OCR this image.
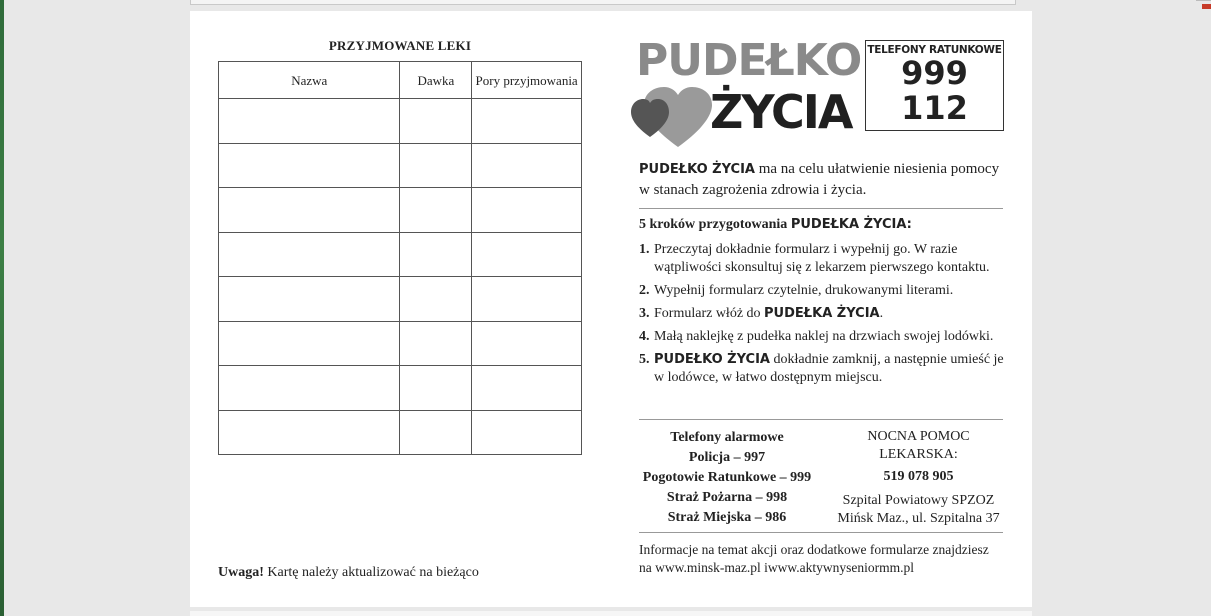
PRZYJMOWANE LEKI
Nazwa	Dawka	Pory przyjmowania

Uwaga! Kartę należy aktualizować na bieżąco
PUDEŁKO
ŻYCIA
TELEFONY RATUNKOWE
999
112
PUDEŁKO ŻYCIA ma na celu ułatwienie niesienia pomocy w stanach zagrożenia zdrowia i życia.
5 kroków przygotowania PUDEŁKA ŻYCIA:
1. Przeczytaj dokładnie formularz i wypełnij go. W razie wątpliwości skonsultuj się z lekarzem pierwszego kontaktu.
2. Wypełnij formularz czytelnie, drukowanymi literami.
3. Formularz włóż do PUDEŁKA ŻYCIA.
4. Małą naklejkę z pudełka naklej na drzwiach swojej lodówki.
5. PUDEŁKO ŻYCIA dokładnie zamknij, a następnie umieść je w lodówce, w łatwo dostępnym miejscu.
Telefony alarmowe
Policja – 997
Pogotowie Ratunkowe – 999
Straż Pożarna – 998
Straż Miejska – 986
NOCNA POMOC
LEKARSKA:
519 078 905
Szpital Powiatowy SPZOZ
Mińsk Maz., ul. Szpitalna 37
Informacje na temat akcji oraz dodatkowe formularze znajdziesz
na www.minsk-maz.pl iwww.aktywnyseniormm.pl
